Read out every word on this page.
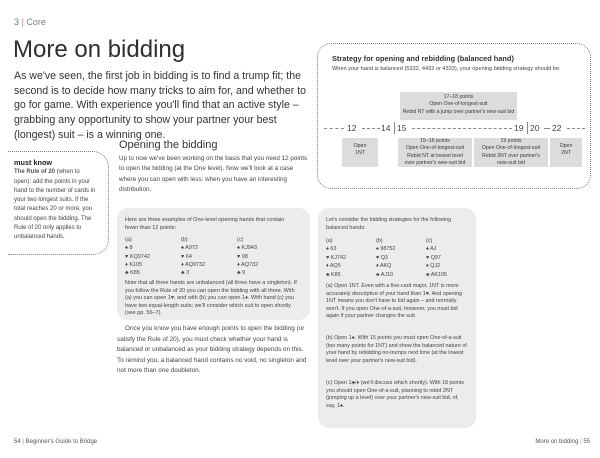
3 | Core
More on bidding
As we've seen, the first job in bidding is to find a trump fit; the second is to decide how many tricks to aim for, and whether to go for game. With experience you'll find that an active style – grabbing any opportunity to show your partner your best (longest) suit – is a winning one.
must know
The Rule of 20 (when to open): add the points in your hand to the number of cards in your two longest suits. If the total reaches 20 or more, you should open the bidding. The Rule of 20 only applies to unbalanced hands.
Opening the bidding
Up to now we've been working on the basis that you need 12 points to open the bidding (at the One level). Now we'll look at a case where you can open with less: when you have an interesting distribution.
Here are three examples of One-level opening hands that contain fewer than 12 points:
(a)
♠ 8
♥ KQ9742
♦ K105
♣ K85
(b)
♠ A972
♥ 64
♦ AQ9732
♣ 3
(c)
♠ KJ943
♥ 98
♦ AQ732
♣ 9
Note that all three hands are unbalanced (all three have a singleton). If you follow the Rule of 20 you can open the bidding with all three. With (a) you can open 1♥, and with (b) you can open 1♦. With hand (c) you have two equal-length suits; we'll consider which suit to open shortly (see pp. 56–7).
Once you know you have enough points to open the bidding (or satisfy the Rule of 20), you must check whether your hand is balanced or unbalanced as your bidding strategy depends on this. To remind you, a balanced hand contains no void, no singleton and not more than one doubleton.
54 | Beginner's Guide to Bridge
Strategy for opening and rebidding (balanced hand)
When your hand is balanced (5332, 4432 or 4333), your opening bidding strategy should be:
17–18 points
Open One-of-longest-suit
Rebid NT with a jump over partner's new-suit bid
12	14 15	19 20 22
Open
1NT
15–16 points
Open One-of-longest-suit
Rebid NT at lowest level
over partner's new-suit bid
19 points
Open One-of-longest-suit
Rebid 3NT over partner's
new-suit bid
Open
2NT
Let's consider the bidding strategies for the following balanced hands:
(a)
♠ 63
♥ KJ742
♦ AQ5
♣ K85
(b)
♠ 98752
♥ Q3
♦ AKQ
♣ AJ10
(c)
♠ AJ
♥ Q97
♦ QJ2
♣ AK105
(a) Open 1NT. Even with a five-card major, 1NT is more accurately descriptive of your hand than 1♥. And opening 1NT means you don't have to bid again – and normally won't. If you open One-of-a-suit, however, you must bid again if your partner changes the suit.
(b) Open 1♠. With 15 points you must open One-of-a-suit (too many points for 1NT) and show the balanced nature of your hand by rebidding no-trumps next time (at the lowest level over your partner's new-suit bid).
(c) Open 1♣/♦ (we'll discuss which shortly). With 18 points you should open One-of-a-suit, planning to rebid 2NT (jumping up a level) over your partner's new-suit bid, of, say, 1♠.
More on bidding | 55
